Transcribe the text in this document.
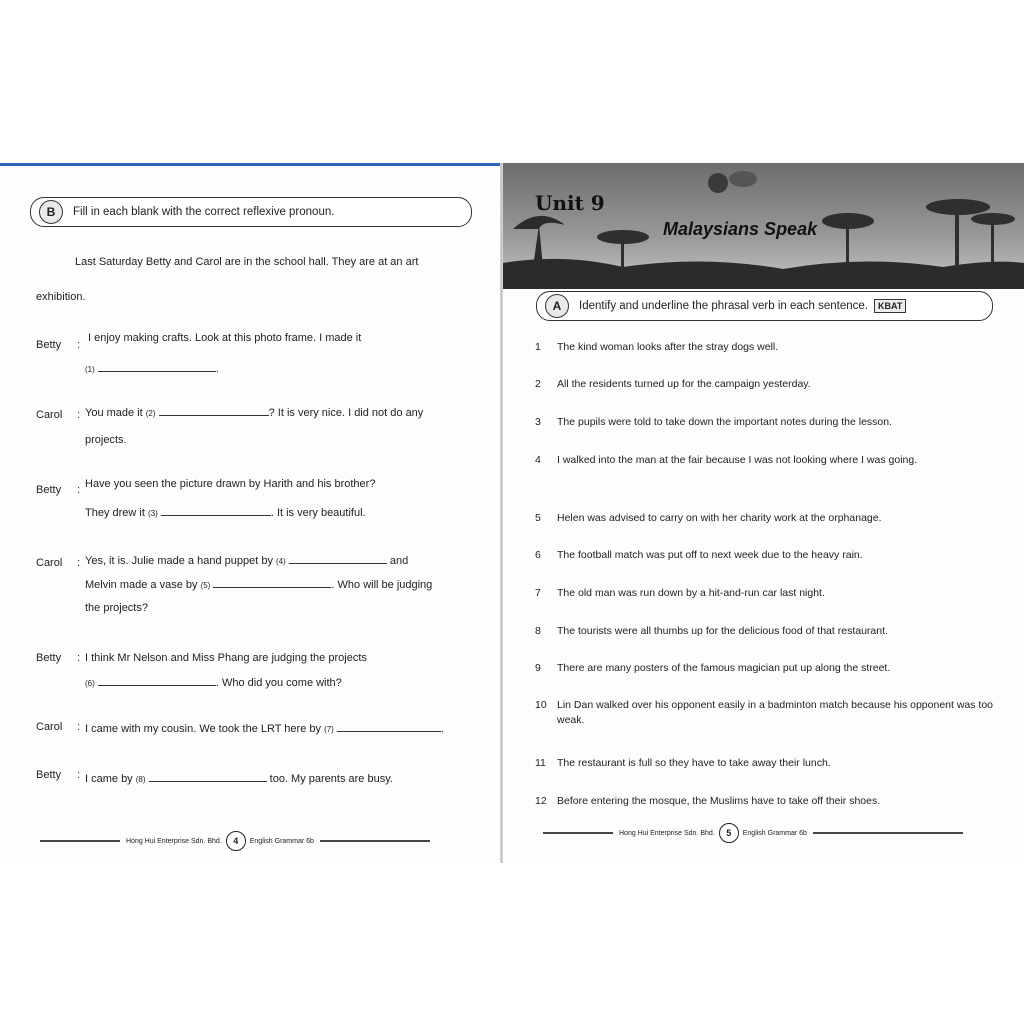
B	Fill in each blank with the correct reflexive pronoun.
Last Saturday Betty and Carol are in the school hall. They are at an art
exhibition.
Betty	:
I enjoy making crafts. Look at this photo frame. I made it
(1)	.
Carol	: You made it (2)	? It is very nice. I did not do any
projects.
Betty	: Have you seen the picture drawn by Harith and his brother?
They drew it (3)	. It is very beautiful.
Carol	: Yes, it is. Julie made a hand puppet by (4)	and
Melvin made a vase by (5)	. Who will be judging
the projects?
Betty	: I think Mr Nelson and Miss Phang are judging the projects
(6)	. Who did you come with?
Carol	: I came with my cousin. We took the LRT here by (7)	.
Betty	: I came by (8)	too. My parents are busy.
Hong Hui Enterprise Sdn. Bhd.	4	English Grammar 6b
Unit 9
Malaysians Speak
A	Identify and underline the phrasal verb in each sentence.	KBAT
1	The kind woman looks after the stray dogs well.
2	All the residents turned up for the campaign yesterday.
3	The pupils were told to take down the important notes during the lesson.
4	I walked into the man at the fair because I was not looking where I was going.
5	Helen was advised to carry on with her charity work at the orphanage.
6	The football match was put off to next week due to the heavy rain.
7	The old man was run down by a hit-and-run car last night.
8	The tourists were all thumbs up for the delicious food of that restaurant.
9	There are many posters of the famous magician put up along the street.
10 Lin Dan walked over his opponent easily in a badminton match because his opponent was too weak.
11	The restaurant is full so they have to take away their lunch.
12 Before entering the mosque, the Muslims have to take off their shoes.
Hong Hui Enterprise Sdn. Bhd.	5	English Grammar 6b
